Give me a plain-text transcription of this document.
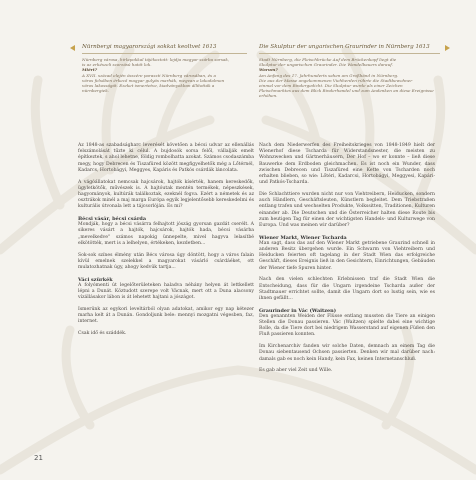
Nürnbergi magyarországi sokkat keoltvet 1613
Nürnberg városa, hírlapokkal tájékoztott: lejdja magyar szárba sorsak,
is az erkészeli szorzású hatót lok.
Miért?
A XVII. század elején összére paraszti Nürnberg városában, és a
város felsőben érkező magyar gulyás marhák, megvan a lakodalmon
város lakosságát. Ezeket ismertetve, kiadványokban állították a
nürnbergiek.
Die Skulptur der ungarischen Graurinder in Nürnberg 1613
Stadt Nürnberg, die Fleischbrücke Auf dem Brückenkopf liegt die
Skulptur der ungarischen Graurinder. Die Wandelbauers darauf.
Warum?
Am Anfang des 17. Jahrhunderts sahen am Großhänd in Nürnberg.
Die aus der Masse angekommenen Viehherden rührte die Stadtbewohner
einmal vor dem Rindergedicht. Die Skulptur wurde als einer Zeichen
Fleischmarktes aus dem Blick Rinderhandel und zum Andenken an diese Ereignisse erhöhen.

Az 1848-as szabadságharc leverését követően a bécsi udvar az ellenállás felszámolását tűzte ki célul. A bujdosók sorsa felől, vállalják emelt építkeztek, s ahol lehetne, földig rombolhatta azokat. Számos csodaszámba megy, hogy Debrecen és Tiszafüred között megfigyelhetők még a Lőtérnél, Kadarcs, Hortobágyi, Meggyes, Kapáris és Patkós csárdák láncolata.

A vágóállatokat nemcsak hajcsárok, hajtók kísérték, hanem kereskedők, ügyletkötők, művészek is. A hajtóutak mentén termékek, népeszkések, hagyományok, kultúrák találkoztak, ezeknél fogva. Ezért a németek és az osztrákok minél a maj marga Európa egyik legjelentősebb kereskedelmi és kulturális útvonala lett a tájcsorlóján. Es mi?

Bécsi vásár, bécsi csárda

Mondják, hogy a bécsi vásárra felhajtott jószág gyorsan gazdát cserélt. A sikeres vásárt a hajtók, hajcsárok, hajtók hada, bécsi vásárba „mevelkedve" számos napokig ünnepelte, mivel hagyva lelasítbé elkötötték, mert is a lelhelyen, értékeken, kezdetben...

Sok-sok színes élmény után Bécs városa úgy döntött, hogy a város falain kívül emelnek szelekkel a magyarokat vásárló csárdáéket, ott mulatozhatnak úgy, ahogy kedvük tartja...

Váci szürkék

A folyómenti út legelőterületeken haladva néhány helyen át lettkellett lépni a Dunát. Köztudott szerepe volt Vácnak, mert ott a Duna alacsony vízállásakor lábon is át lehetett hajtani a jószágot.

Ismerünk az egykori leveltárból olyan adatokat, amikor egy nap kétezer marha kelt át a Dunán. Gondoljunk bele: mennyi mozgatni végesben, faz, internet.

Csak idő és száddék.

Nach dem Niederwerfen des Freiheitskrieges von 1848-1849 hielt der Wienerhof diese Tscharda für Widerstandsnester, die meisten zu Wohnzwecken und Gärtnerhäusern, Der Hof – wo er konnte – ließ diese Bauwerke dem Erdboden gleichmachen. Es ist noch ein Wunder, dass zwischen Debrecen und Tiszafüred eine Kette von Tscharden noch erhalten blieben, so wie: Lőtéri, Kadarcsi, Hortobágyi, Meggyesi, Kapári- und Patkós-Tscharda.

Die Schlachttiere wurden nicht nur von Viehtreibern, Heiducken, sondern auch Händlern, Geschäftsleuten, Künstlern begleitet. Dem Triebstraßen entlang trafen und wechselten Produkte, Volkssitten, Traditionen, Kulturen einander ab. Die Deutschen und die Österreicher halten diese Route bis zum heutigen Tag für einen der wichtigsten Handels- und Kulturwege von Europa. Und was meinen wir darüber?

Wiener Markt, Wiener Tscharda

Man sagt, dass das auf den Wiener Markt getriebene Graurind schnell in anderen Besitz übergehen wurde. Ein Schwarm von Viehtreibern und Heiducken feierten oft tagelang in der Stadt Wien das erfolgreiche Geschäft, dieses Ereignis ließ in den Gesichtern, Einrichtungen, Gebäuden der Wiener tiefe Spuren hinter.

Nach den vielen schlechten Erlebnissen traf die Stadt Wien die Entscheidung, dass für die Ungarn irgendeine Tscharda außer der Stadtmauer errichtet sollte, damit die Ungarn dort so lustig sein, wie es ihnen gefällt...

Graurinder in Vác (Waitzen)

Den genannten Weiden der Flüsse entlang mussten die Tiere an einigen Stellen die Donau passieren. Vác (Waitzen) spielte dabei eine wichtige Rolle, da die Tiere dort bei niedrigem Wasserstand auf eigenen Füßen den Fluß passieren konnten.

Im Kirchenarchiv fanden wir solche Daten, demnach an einem Tag die Donau siebentausend Ochsen passierten. Denken wir mal darüber nach: damals gab es noch kein Handy, kein Fax, keinen Internetanschluß.

Es gab aber viel Zeit und Wille.

21
